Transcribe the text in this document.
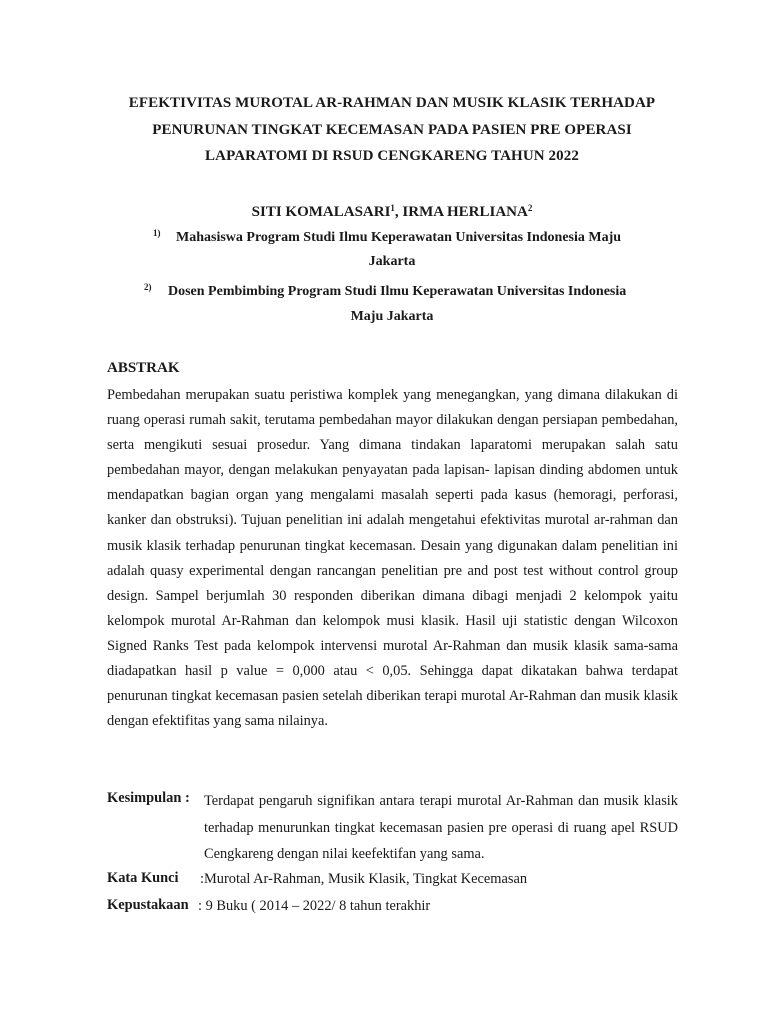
EFEKTIVITAS MUROTAL AR-RAHMAN DAN MUSIK KLASIK TERHADAP
PENURUNAN TINGKAT KECEMASAN PADA PASIEN PRE OPERASI
LAPARATOMI DI RSUD CENGKARENG TAHUN 2022
SITI KOMALASARI$^1$, IRMA HERLIANA$^2$
1) Mahasiswa Program Studi Ilmu Keperawatan Universitas Indonesia Maju
Jakarta
2) Dosen Pembimbing Program Studi Ilmu Keperawatan Universitas Indonesia
Maju Jakarta
ABSTRAK
Pembedahan merupakan suatu peristiwa komplek yang menegangkan, yang dimana dilakukan di ruang operasi rumah sakit, terutama pembedahan mayor dilakukan dengan persiapan pembedahan, serta mengikuti sesuai prosedur. Yang dimana tindakan laparatomi merupakan salah satu pembedahan mayor, dengan melakukan penyayatan pada lapisan- lapisan dinding abdomen untuk mendapatkan bagian organ yang mengalami masalah seperti pada kasus (hemoragi, perforasi, kanker dan obstruksi). Tujuan penelitian ini adalah mengetahui efektivitas murotal ar-rahman dan musik klasik terhadap penurunan tingkat kecemasan. Desain yang digunakan dalam penelitian ini adalah quasy experimental dengan rancangan penelitian pre and post test without control group design. Sampel berjumlah 30 responden diberikan dimana dibagi menjadi 2 kelompok yaitu kelompok murotal Ar-Rahman dan kelompok musi klasik. Hasil uji statistic dengan Wilcoxon Signed Ranks Test pada kelompok intervensi murotal Ar-Rahman dan musik klasik sama-sama diadapatkan hasil p value = 0,000 atau < 0,05. Sehingga dapat dikatakan bahwa terdapat penurunan tingkat kecemasan pasien setelah diberikan terapi murotal Ar-Rahman dan musik klasik dengan efektifitas yang sama nilainya.
Kesimpulan : Terdapat pengaruh signifikan antara terapi murotal Ar-Rahman dan musik klasik terhadap menurunkan tingkat kecemasan pasien pre operasi di ruang apel RSUD Cengkareng dengan nilai keefektifan yang sama.
Kata Kunci :Murotal Ar-Rahman, Musik Klasik, Tingkat Kecemasan
Kepustakaan : 9 Buku ( 2014 – 2022/ 8 tahun terakhir
